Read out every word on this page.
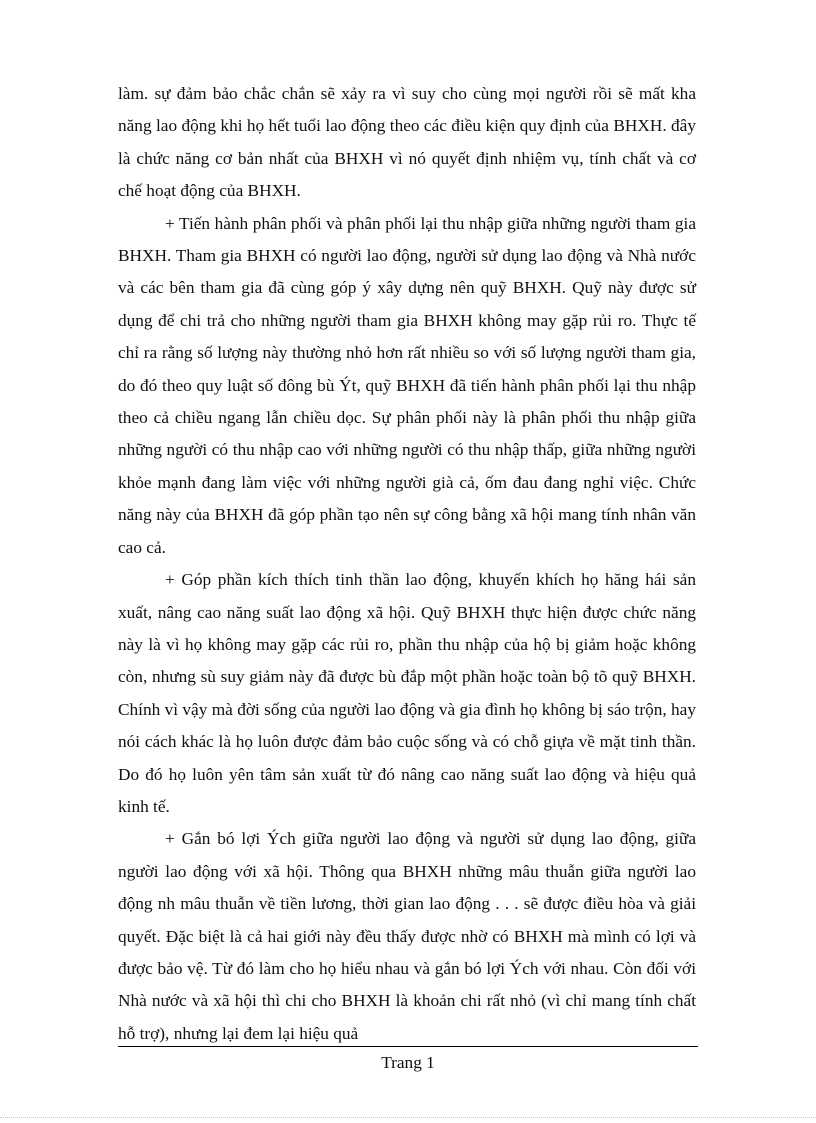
làm. sự đảm bảo chắc chắn sẽ xảy ra vì suy cho cùng mọi người rồi sẽ mất kha năng lao động khi họ hết tuổi lao động theo các điều kiện quy định của BHXH. đây là chức năng cơ bản nhất của BHXH vì nó quyết định nhiệm vụ, tính chất và cơ chế hoạt động của BHXH.

+ Tiến hành phân phối và phân phối lại thu nhập giữa những người tham gia BHXH. Tham gia BHXH có người lao động, người sử dụng lao động và Nhà nước và các bên tham gia đã cùng góp ý xây dựng nên quỹ BHXH. Quỹ này được sử dụng để chi trả cho những người tham gia BHXH không may gặp rủi ro. Thực tế chỉ ra rằng số lượng này thường nhỏ hơn rất nhiều so với số lượng người tham gia, do đó theo quy luật số đông bù Ýt, quỹ BHXH đã tiến hành phân phối lại thu nhập theo cả chiều ngang lẫn chiều dọc. Sự phân phối này là phân phối thu nhập giữa những người có thu nhập cao với những người có thu nhập thấp, giữa những người khỏe mạnh đang làm việc với những người già cả, ốm đau đang nghỉ việc. Chức năng này của BHXH đã góp phần tạo nên sự công bằng xã hội mang tính nhân văn cao cả.

+ Góp phần kích thích tinh thần lao động, khuyến khích họ hăng hái sản xuất, nâng cao năng suất lao động xã hội. Quỹ BHXH thực hiện được chức năng này là vì họ không may gặp các rủi ro, phần thu nhập của hộ bị giảm hoặc không còn, nhưng sù suy giảm này đã được bù đắp một phần hoặc toàn bộ tõ quỹ BHXH. Chính vì vậy mà đời sống của người lao động và gia đình họ không bị sáo trộn, hay nói cách khác là họ luôn được đảm bảo cuộc sống và có chỗ giựa về mặt tinh thần. Do đó họ luôn yên tâm sản xuất từ đó nâng cao năng suất lao động và hiệu quả kinh tế.

+ Gắn bó lợi Ých giữa người lao động và người sử dụng lao động, giữa người lao động với xã hội. Thông qua BHXH những mâu thuẫn giữa người lao động nh mâu thuẫn về tiền lương, thời gian lao động . . . sẽ được điều hòa và giải quyết. Đặc biệt là cả hai giới này đều thấy được nhờ có BHXH mà mình có lợi và được bảo vệ. Từ đó làm cho họ hiểu nhau và gắn bó lợi Ých với nhau. Còn đối với Nhà nước và xã hội thì chi cho BHXH là khoản chi rất nhỏ (vì chỉ mang tính chất hỗ trợ), nhưng lại đem lại hiệu quả

Trang 1
